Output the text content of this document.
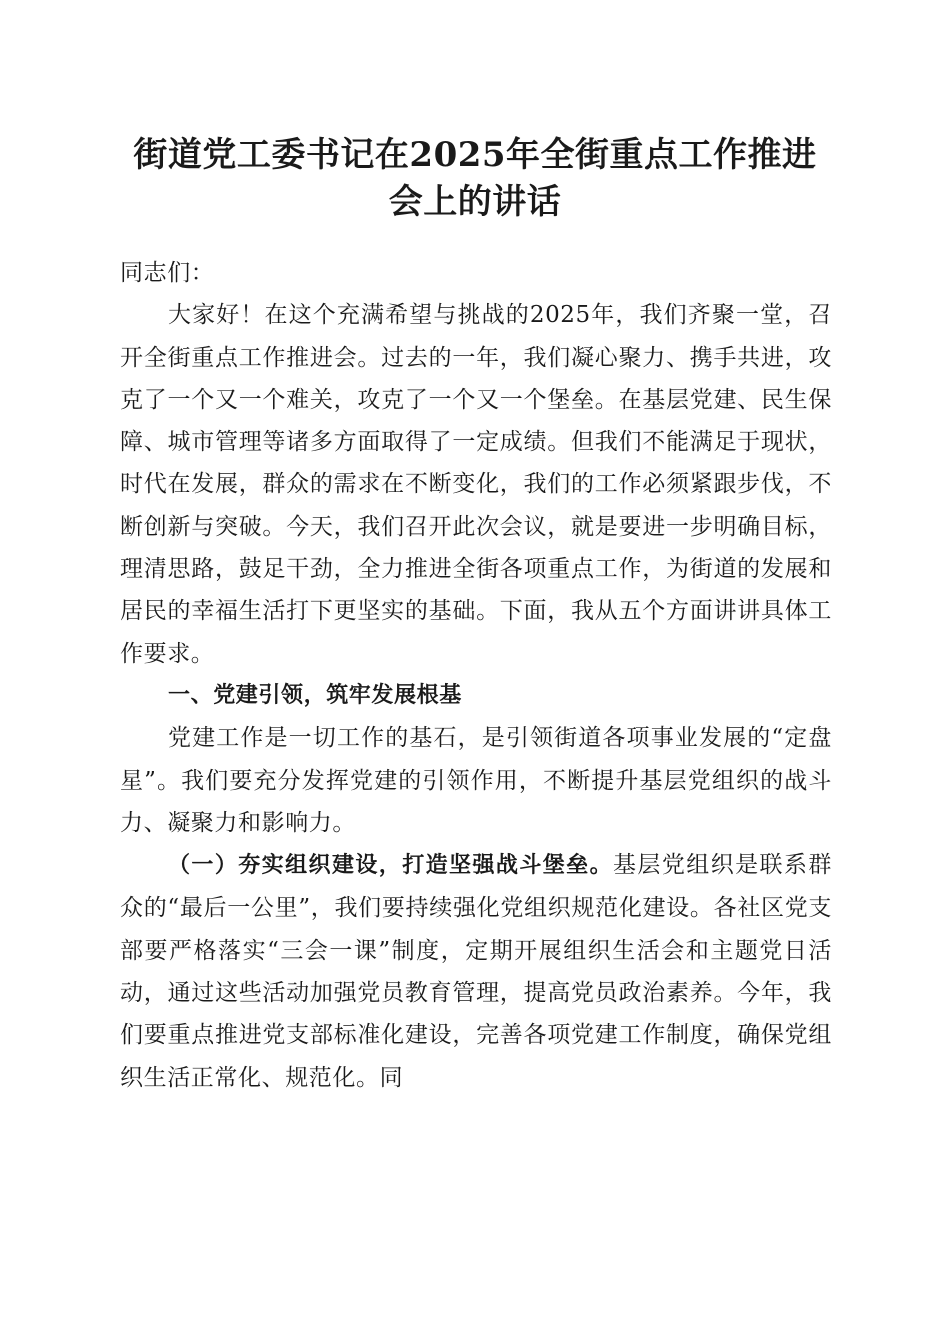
街道党工委书记在2025年全街重点工作推进
会上的讲话

同志们：

大家好！在这个充满希望与挑战的2025年，我们齐聚一堂，召开全街重点工作推进会。过去的一年，我们凝心聚力、携手共进，攻克了一个又一个难关，攻克了一个又一个堡垒。在基层党建、民生保障、城市管理等诸多方面取得了一定成绩。但我们不能满足于现状，时代在发展，群众的需求在不断变化，我们的工作必须紧跟步伐，不断创新与突破。今天，我们召开此次会议，就是要进一步明确目标，理清思路，鼓足干劲，全力推进全街各项重点工作，为街道的发展和居民的幸福生活打下更坚实的基础。下面，我从五个方面讲讲具体工作要求。

一、党建引领，筑牢发展根基

党建工作是一切工作的基石，是引领街道各项事业发展的“定盘星”。我们要充分发挥党建的引领作用，不断提升基层党组织的战斗力、凝聚力和影响力。

（一）夯实组织建设，打造坚强战斗堡垒。基层党组织是联系群众的“最后一公里”，我们要持续强化党组织规范化建设。各社区党支部要严格落实“三会一课”制度，定期开展组织生活会和主题党日活动，通过这些活动加强党员教育管理，提高党员政治素养。今年，我们要重点推进党支部标准化建设，完善各项党建工作制度，确保党组织生活正常化、规范化。同
